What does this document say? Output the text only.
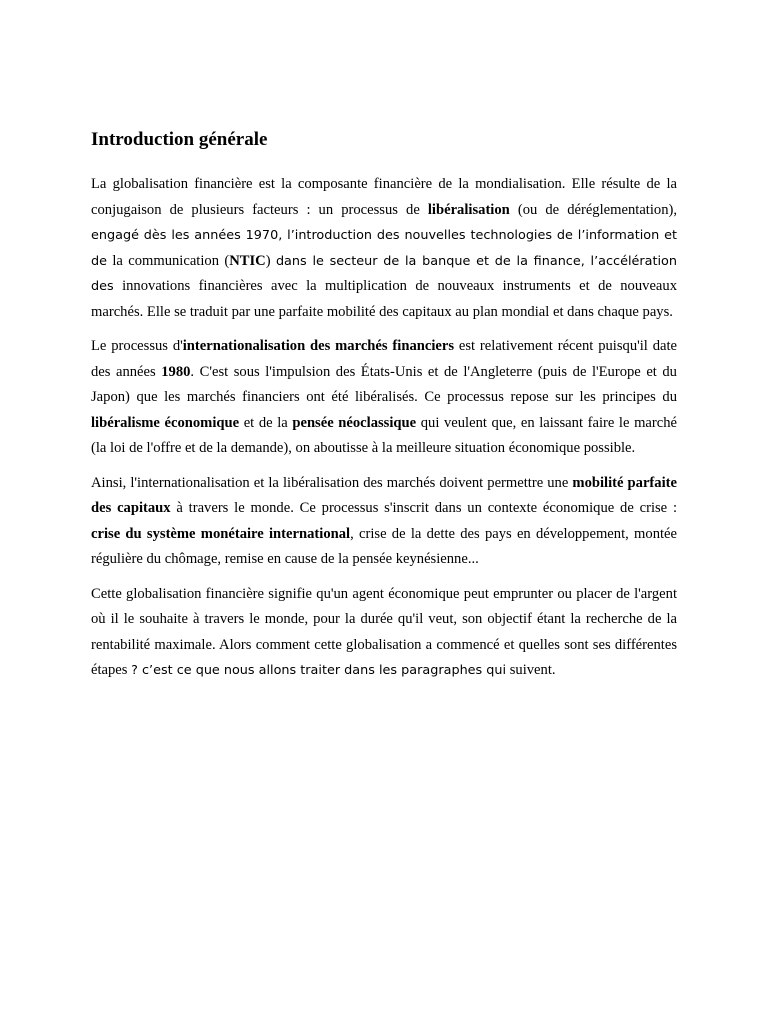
Introduction générale

La globalisation financière est la composante financière de la mondialisation. Elle résulte de la conjugaison de plusieurs facteurs : un processus de libéralisation (ou de déréglementation), engagé dès les années 1970, l’introduction des nouvelles technologies de l’information et de la communication (NTIC) dans le secteur de la banque et de la finance, l’accélération des innovations financières avec la multiplication de nouveaux instruments et de nouveaux marchés. Elle se traduit par une parfaite mobilité des capitaux au plan mondial et dans chaque pays.

Le processus d'internationalisation des marchés financiers est relativement récent puisqu'il date des années 1980. C'est sous l'impulsion des États-Unis et de l'Angleterre (puis de l'Europe et du Japon) que les marchés financiers ont été libéralisés. Ce processus repose sur les principes du libéralisme économique et de la pensée néoclassique qui veulent que, en laissant faire le marché (la loi de l'offre et de la demande), on aboutisse à la meilleure situation économique possible.

Ainsi, l'internationalisation et la libéralisation des marchés doivent permettre une mobilité parfaite des capitaux à travers le monde. Ce processus s'inscrit dans un contexte économique de crise : crise du système monétaire international, crise de la dette des pays en développement, montée régulière du chômage, remise en cause de la pensée keynésienne...

Cette globalisation financière signifie qu'un agent économique peut emprunter ou placer de l'argent où il le souhaite à travers le monde, pour la durée qu'il veut, son objectif étant la recherche de la rentabilité maximale. Alors comment cette globalisation a commencé et quelles sont ses différentes étapes ? c’est ce que nous allons traiter dans les paragraphes qui suivent.
